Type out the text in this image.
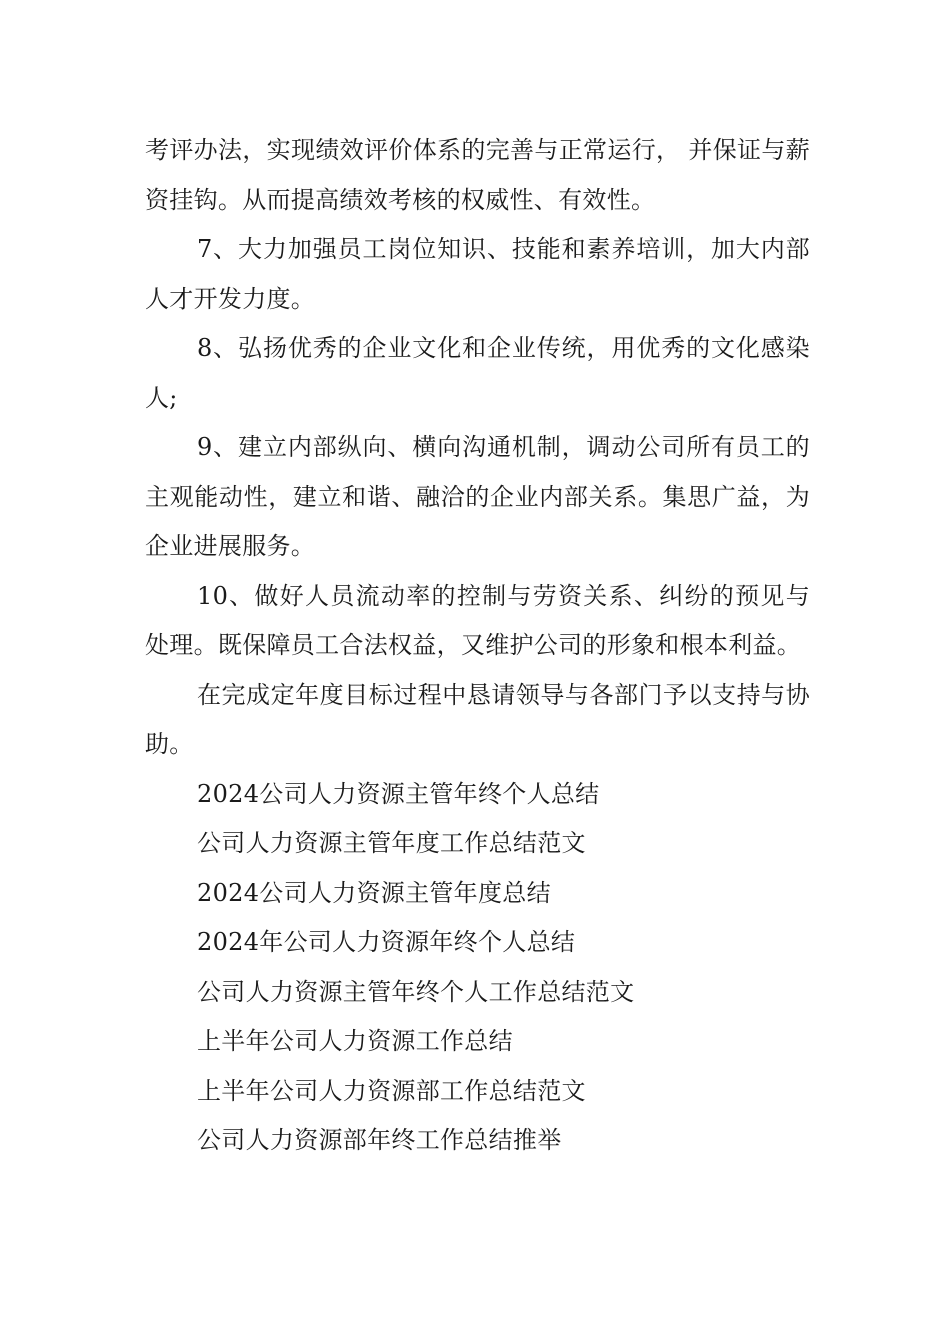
考评办法，实现绩效评价体系的完善与正常运行， 并保证与薪资挂钩。从而提高绩效考核的权威性、有效性。

7、大力加强员工岗位知识、技能和素养培训，加大内部人才开发力度。

8、弘扬优秀的企业文化和企业传统，用优秀的文化感染人;

9、建立内部纵向、横向沟通机制，调动公司所有员工的主观能动性，建立和谐、融洽的企业内部关系。集思广益，为企业进展服务。

10、做好人员流动率的控制与劳资关系、纠纷的预见与处理。既保障员工合法权益，又维护公司的形象和根本利益。

在完成定年度目标过程中恳请领导与各部门予以支持与协助。

2024公司人力资源主管年终个人总结
公司人力资源主管年度工作总结范文
2024公司人力资源主管年度总结
2024年公司人力资源年终个人总结
公司人力资源主管年终个人工作总结范文
上半年公司人力资源工作总结
上半年公司人力资源部工作总结范文
公司人力资源部年终工作总结推举
